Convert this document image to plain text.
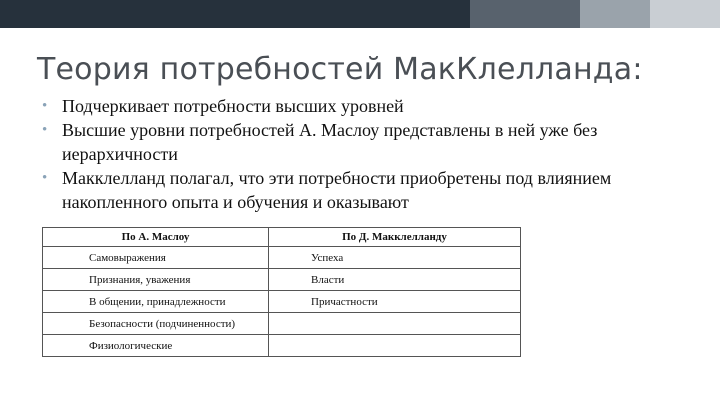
Теория потребностей МакКлелланда:
• Подчеркивает потребности высших уровней
• Высшие уровни потребностей А. Маслоу представлены в ней уже без иерархичности
• Макклелланд полагал, что эти потребности приобретены под влиянием накопленного опыта и обучения и оказывают
По А. Маслоу	По Д. Макклелланду
Самовыражения	Успеха
Признания, уважения	Власти
В общении, принадлежности	Причастности
Безопасности (подчиненности)	
Физиологические	
